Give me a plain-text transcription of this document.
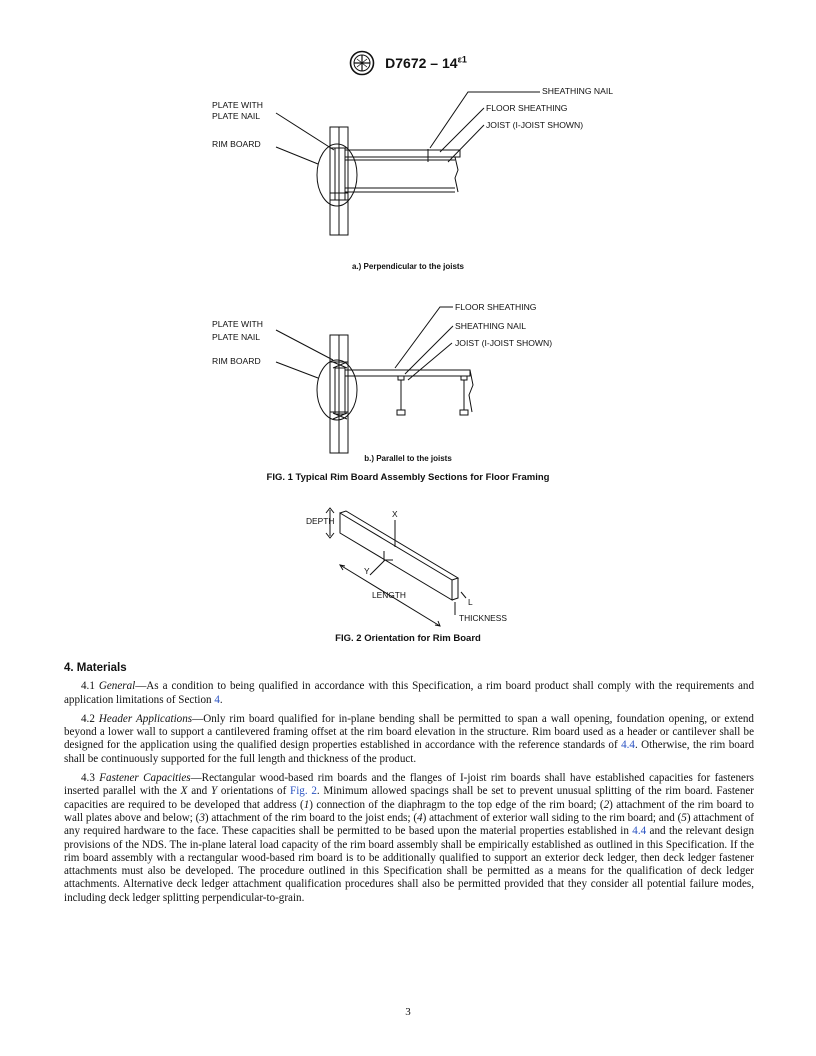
$D7672 - 14^{\varepsilon 1}$
PLATE WITH
PLATE NAIL
RIM BOARD
SHEATHING NAIL
FLOOR SHEATHING
JOIST (I-JOIST SHOWN)
a.) Perpendicular to the joists
PLATE WITH
PLATE NAIL
RIM BOARD
FLOOR SHEATHING
SHEATHING NAIL
JOIST (I-JOIST SHOWN)
b.) Parallel to the joists
FIG. 1 Typical Rim Board Assembly Sections for Floor Framing
DEPTH
X
Y
LENGTH
L
THICKNESS
FIG. 2 Orientation for Rim Board
4. Materials

4.1 General—As a condition to being qualified in accordance with this Specification, a rim board product shall comply with the requirements and application limitations of Section 4.

4.2 Header Applications—Only rim board qualified for in-plane bending shall be permitted to span a wall opening, foundation opening, or extend beyond a lower wall to support a cantilevered framing offset at the rim board elevation in the structure. Rim board used as a header or cantilever shall be designed for the application using the qualified design properties established in accordance with the reference standards of 4.4. Otherwise, the rim board shall be continuously supported for the full length and thickness of the product.

4.3 Fastener Capacities—Rectangular wood-based rim boards and the flanges of I-joist rim boards shall have established capacities for fasteners inserted parallel with the X and Y orientations of Fig. 2. Minimum allowed spacings shall be set to prevent unusual splitting of the rim board. Fastener capacities are required to be developed that address (1) connection of the diaphragm to the top edge of the rim board; (2) attachment of the rim board to wall plates above and below; (3) attachment of the rim board to the joist ends; (4) attachment of exterior wall siding to the rim board; and (5) attachment of any required hardware to the face. These capacities shall be permitted to be based upon the material properties established in 4.4 and the relevant design provisions of the NDS. The in-plane lateral load capacity of the rim board assembly shall be empirically established as outlined in this Specification. If the rim board assembly with a rectangular wood-based rim board is to be additionally qualified to support an exterior deck ledger, then deck ledger fastener attachments must also be developed. The procedure outlined in this Specification shall be permitted as a means for the qualification of deck ledger attachments. Alternative deck ledger attachment qualification procedures shall also be permitted provided that they consider all potential failure modes, including deck ledger splitting perpendicular-to-grain.

3
